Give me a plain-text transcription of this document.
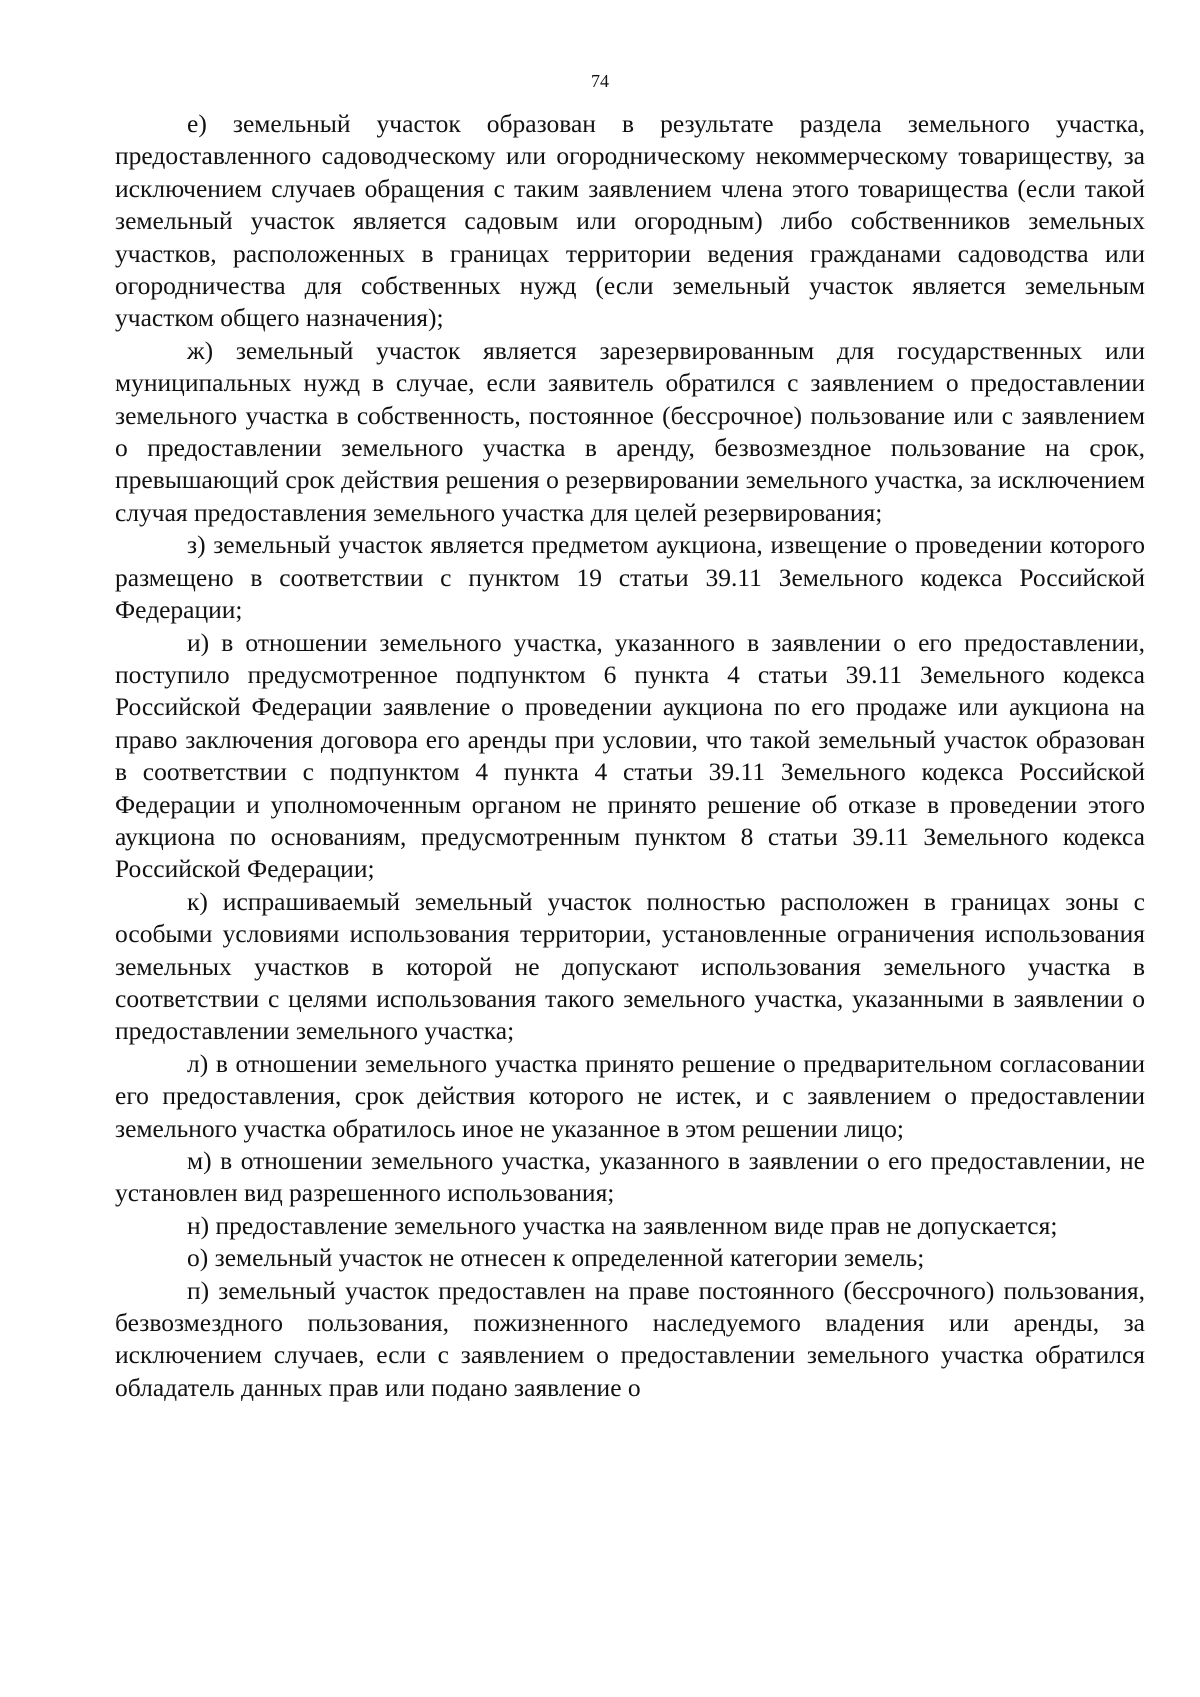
74

е) земельный участок образован в результате раздела земельного участка, предоставленного садоводческому или огородническому некоммерческому товариществу, за исключением случаев обращения с таким заявлением члена этого товарищества (если такой земельный участок является садовым или огородным) либо собственников земельных участков, расположенных в границах территории ведения гражданами садоводства или огородничества для собственных нужд (если земельный участок является земельным участком общего назначения);

ж) земельный участок является зарезервированным для государственных или муниципальных нужд в случае, если заявитель обратился с заявлением о предоставлении земельного участка в собственность, постоянное (бессрочное) пользование или с заявлением о предоставлении земельного участка в аренду, безвозмездное пользование на срок, превышающий срок действия решения о резервировании земельного участка, за исключением случая предоставления земельного участка для целей резервирования;

з) земельный участок является предметом аукциона, извещение о проведении которого размещено в соответствии с пунктом 19 статьи 39.11 Земельного кодекса Российской Федерации;

и) в отношении земельного участка, указанного в заявлении о его предоставлении, поступило предусмотренное подпунктом 6 пункта 4 статьи 39.11 Земельного кодекса Российской Федерации заявление о проведении аукциона по его продаже или аукциона на право заключения договора его аренды при условии, что такой земельный участок образован в соответствии с подпунктом 4 пункта 4 статьи 39.11 Земельного кодекса Российской Федерации и уполномоченным органом не принято решение об отказе в проведении этого аукциона по основаниям, предусмотренным пунктом 8 статьи 39.11 Земельного кодекса Российской Федерации;

к) испрашиваемый земельный участок полностью расположен в границах зоны с особыми условиями использования территории, установленные ограничения использования земельных участков в которой не допускают использования земельного участка в соответствии с целями использования такого земельного участка, указанными в заявлении о предоставлении земельного участка;

л) в отношении земельного участка принято решение о предварительном согласовании его предоставления, срок действия которого не истек, и с заявлением о предоставлении земельного участка обратилось иное не указанное в этом решении лицо;

м) в отношении земельного участка, указанного в заявлении о его предоставлении, не установлен вид разрешенного использования;

н) предоставление земельного участка на заявленном виде прав не допускается;

о) земельный участок не отнесен к определенной категории земель;

п) земельный участок предоставлен на праве постоянного (бессрочного) пользования, безвозмездного пользования, пожизненного наследуемого владения или аренды, за исключением случаев, если с заявлением о предоставлении земельного участка обратился обладатель данных прав или подано заявление о
